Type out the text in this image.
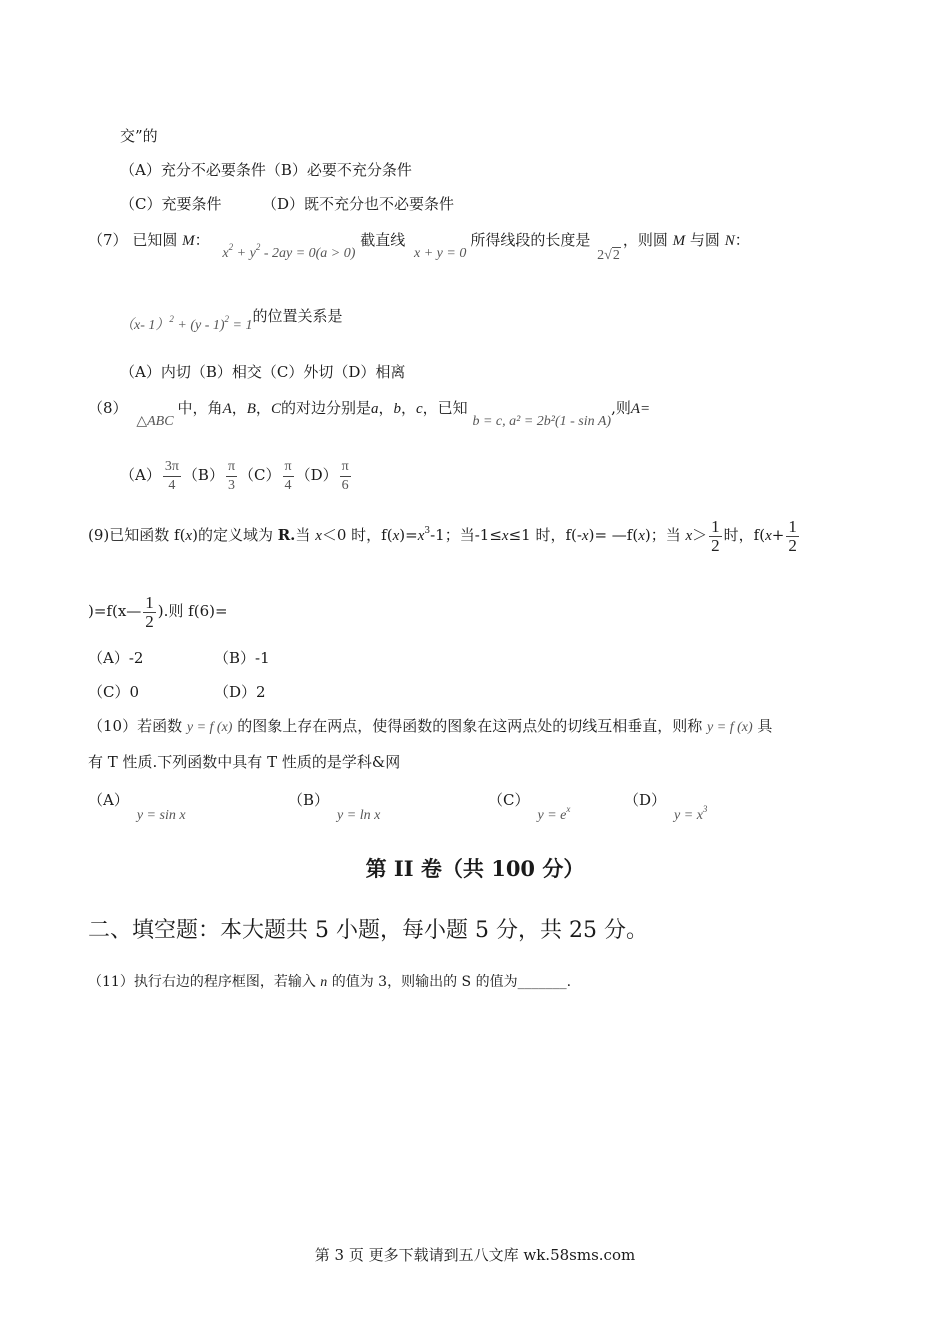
交”的
（A）充分不必要条件（B）必要不充分条件
（C）充要条件	（D）既不充分也不必要条件
（7） 已知圆 M： $x^2 + y^2 - 2ay = 0(a > 0)$ 截直线 x + y = 0所得线段的长度是 2√2，则圆 M 与圆 N：
（x- 1）$^2$ + (y - 1)$^2$ = 1的位置关系是
（A）内切（B）相交（C）外切（D）相离
（8） △ABC中，角A，B，C的对边分别是a，b，c，已知 b = c, a² = 2b²(1 - sin A),则A=
$(A) \frac{3\pi}{4} (B) \frac{\pi}{3} (C) \frac{\pi}{4} (D) \frac{\pi}{6}$
(9)已知函数 f(x)的定义域为 R.当 x＜0 时，$f(x)=x^3-1$；当-1≤x≤1 时，f(-x)= —f(x)；当 $x> \frac{1}{2}$ 时，$f(x+ \frac{1}{2}$
)=f(x— $\frac{1}{2}$ ).则 f(6)=
（A）-2	（B）-1
（C）0	（D）2
（10）若函数 y = f (x) 的图象上存在两点，使得函数的图象在这两点处的切线互相垂直，则称 y = f (x) 具
有 T 性质.下列函数中具有 T 性质的是学科&网
（A）y = sin x
（B）y = ln x
$(C)y = e^x$	$(D)y = x^3$
第 II 卷（共 100 分）
二、填空题：本大题共 5 小题，每小题 5 分，共 25 分。
（11）执行右边的程序框图，若输入 n 的值为 3，则输出的 S 的值为_______.
第 3 页 更多下载请到五八文库 wk.58sms.com
